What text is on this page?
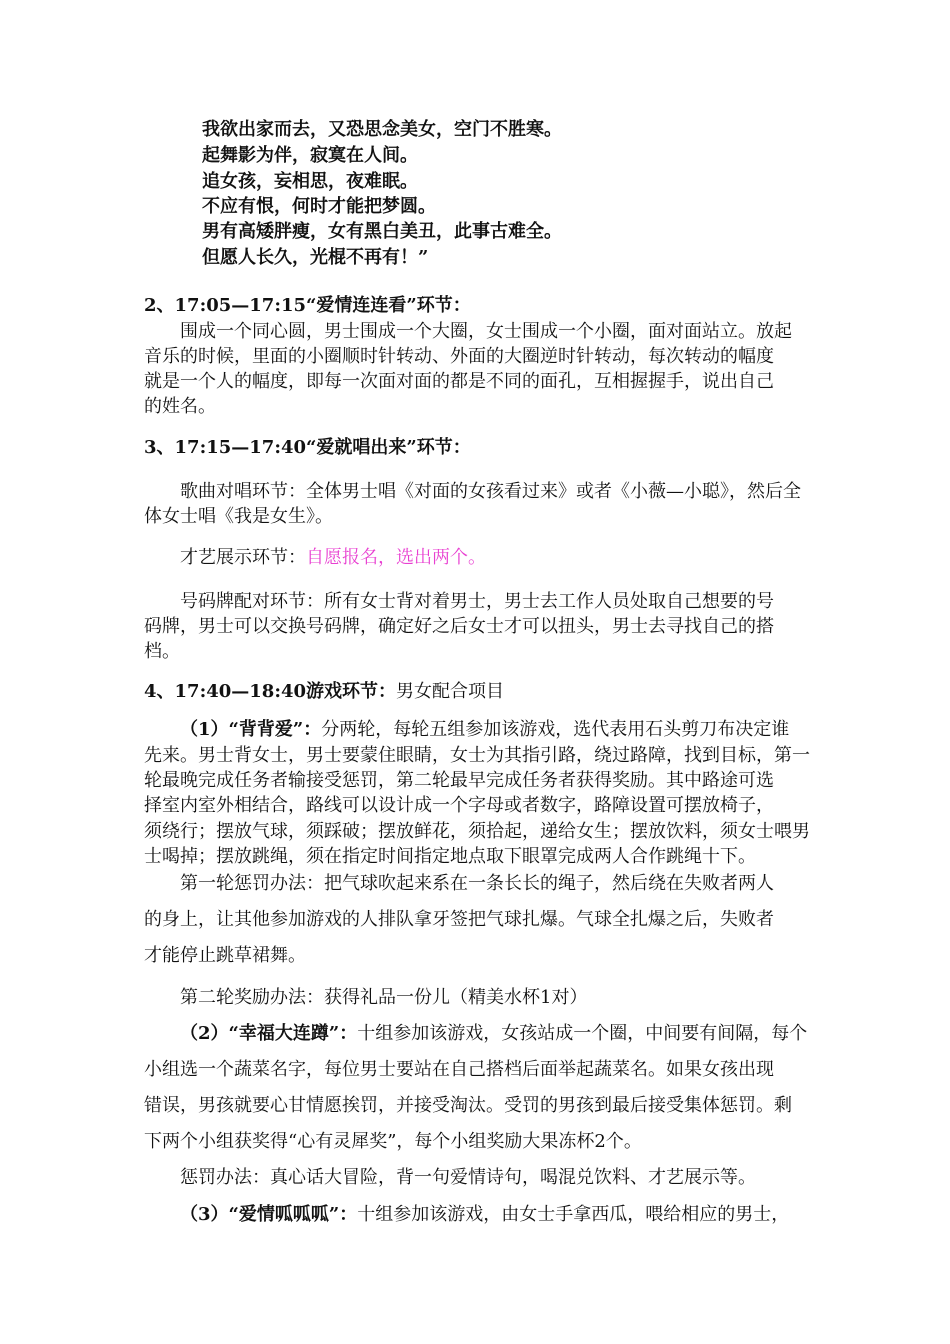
我欲出家而去，又恐思念美女，空门不胜寒。
起舞影为伴，寂寞在人间。
追女孩，妄相思，夜难眠。
不应有恨，何时才能把梦圆。
男有高矮胖瘦，女有黑白美丑，此事古难全。
但愿人长久，光棍不再有！”
2、17:05—17:15“爱情连连看”环节：
围成一个同心圆，男士围成一个大圈，女士围成一个小圈，面对面站立。放起
音乐的时候，里面的小圈顺时针转动、外面的大圈逆时针转动，每次转动的幅度
就是一个人的幅度，即每一次面对面的都是不同的面孔，互相握握手，说出自己
的姓名。
3、17:15—17:40“爱就唱出来”环节：
歌曲对唱环节：全体男士唱《对面的女孩看过来》或者《小薇—小聪》，然后全
体女士唱《我是女生》。
才艺展示环节：自愿报名，选出两个。
号码牌配对环节：所有女士背对着男士，男士去工作人员处取自己想要的号
码牌，男士可以交换号码牌，确定好之后女士才可以扭头，男士去寻找自己的搭
档。
4、17:40—18:40游戏环节：男女配合项目
（1）“背背爱”：分两轮，每轮五组参加该游戏，选代表用石头剪刀布决定谁
先来。男士背女士，男士要蒙住眼睛，女士为其指引路，绕过路障，找到目标，第一
轮最晚完成任务者输接受惩罚，第二轮最早完成任务者获得奖励。其中路途可选
择室内室外相结合，路线可以设计成一个字母或者数字，路障设置可摆放椅子，
须绕行；摆放气球，须踩破；摆放鲜花，须拾起，递给女生；摆放饮料，须女士喂男
士喝掉；摆放跳绳，须在指定时间指定地点取下眼罩完成两人合作跳绳十下。
第一轮惩罚办法：把气球吹起来系在一条长长的绳子，然后绕在失败者两人
的身上，让其他参加游戏的人排队拿牙签把气球扎爆。气球全扎爆之后，失败者
才能停止跳草裙舞。
第二轮奖励办法：获得礼品一份儿（精美水杯1对）
（2）“幸福大连蹲”：十组参加该游戏，女孩站成一个圈，中间要有间隔，每个
小组选一个蔬菜名字，每位男士要站在自己搭档后面举起蔬菜名。如果女孩出现
错误，男孩就要心甘情愿挨罚，并接受淘汰。受罚的男孩到最后接受集体惩罚。剩
下两个小组获奖得“心有灵犀奖”，每个小组奖励大果冻杯2个。
惩罚办法：真心话大冒险，背一句爱情诗句，喝混兑饮料、才艺展示等。
（3）“爱情呱呱呱”：十组参加该游戏，由女士手拿西瓜，喂给相应的男士，
